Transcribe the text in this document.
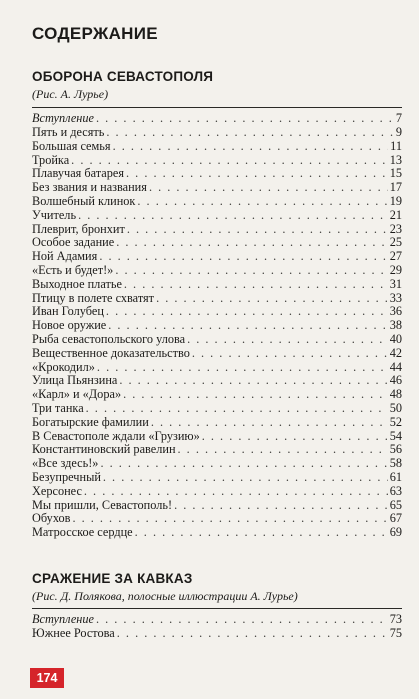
СОДЕРЖАНИЕ
ОБОРОНА СЕВАСТОПОЛЯ
(Рис. А. Лурье)
Вступление . . .	7
Пять и десять . . .	9
Большая семья . . .	11
Тройка . . .	13
Плавучая батарея . . .	15
Без звания и названия . . .	17
Волшебный клинок . . .	19
Учитель . . .	21
Плеврит, бронхит . . .	23
Особое задание . . .	25
Ной Адамия . . .	27
«Есть и будет!» . . .	29
Выходное платье . . .	31
Птицу в полете схватят . . .	33
Иван Голубец . . .	36
Новое оружие . . .	38
Рыба севастопольского улова . . .	40
Вещественное доказательство . . .	42
«Крокодил» . . .	44
Улица Пьянзина . . .	46
«Карл» и «Дора» . . .	48
Три танка . . .	50
Богатырские фамилии . . .	52
В Севастополе ждали «Грузию» . . .	54
Константиновский равелин . . .	56
«Все здесь!» . . .	58
Безупречный . . .	61
Херсонес . . .	63
Мы пришли, Севастополь! . . .	65
Обухов . . .	67
Матросское сердце . . .	69
СРАЖЕНИЕ ЗА КАВКАЗ
(Рис. Д. Полякова, полосные иллюстрации А. Лурье)
Вступление . . .	73
Южнее Ростова . . .	75
174
